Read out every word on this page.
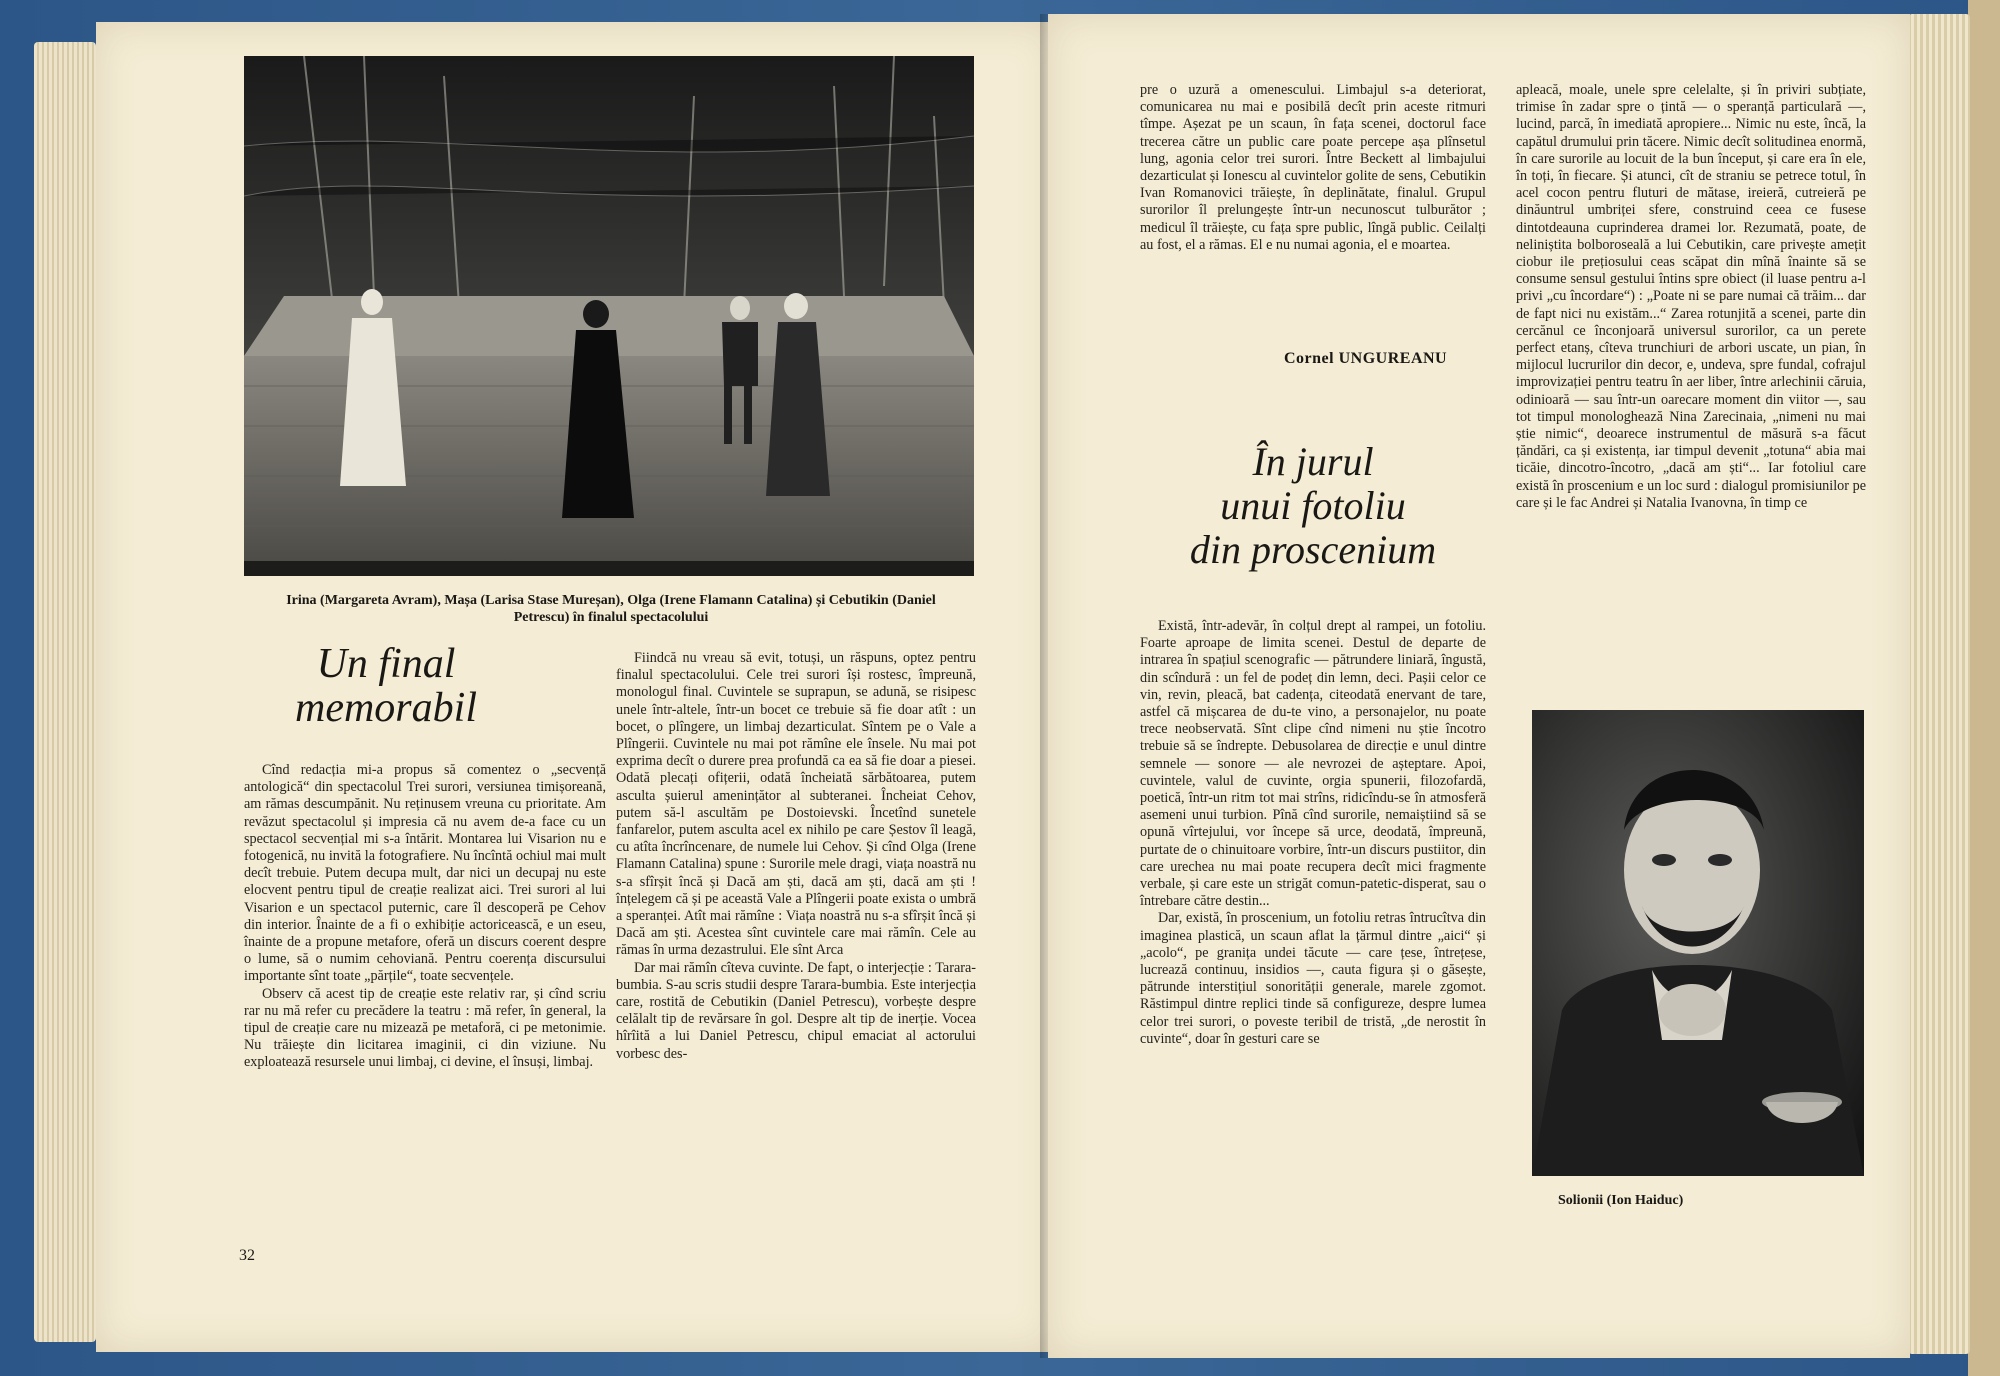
Irina (Margareta Avram), Mașa (Larisa Stase Mureșan), Olga (Irene Flamann Catalina) și Cebutikin (Daniel Petrescu) în finalul spectacolului
Un final
memorabil

Cînd redacția mi-a propus să comentez o „secvență antologică“ din spectacolul Trei surori, versiunea timișoreană, am rămas descumpănit. Nu reținusem vreuna cu prioritate. Am revăzut spectacolul și impresia că nu avem de-a face cu un spectacol secvențial mi s-a întărit. Montarea lui Visarion nu e fotogenică, nu invită la fotografiere. Nu încîntă ochiul mai mult decît trebuie. Putem decupa mult, dar nici un decupaj nu este elocvent pentru tipul de creație realizat aici. Trei surori al lui Visarion e un spectacol puternic, care îl descoperă pe Cehov din interior. Înainte de a fi o exhibiție actoricească, e un eseu, înainte de a propune metafore, oferă un discurs coerent despre o lume, să o numim cehoviană. Pentru coerența discursului importante sînt toate „părțile“, toate secvențele.

Observ că acest tip de creație este relativ rar, și cînd scriu rar nu mă refer cu precădere la teatru : mă refer, în general, la tipul de creație care nu mizează pe metaforă, ci pe metonimie. Nu trăiește din licitarea imaginii, ci din viziune. Nu exploatează resursele unui limbaj, ci devine, el însuși, limbaj.

Fiindcă nu vreau să evit, totuși, un răspuns, optez pentru finalul spectacolului. Cele trei surori își rostesc, împreună, monologul final. Cuvintele se suprapun, se adună, se risipesc unele într-altele, într-un bocet ce trebuie să fie doar atît : un bocet, o plîngere, un limbaj dezarticulat. Sîntem pe o Vale a Plîngerii. Cuvintele nu mai pot rămîne ele însele. Nu mai pot exprima decît o durere prea profundă ca ea să fie doar a piesei. Odată plecați ofițerii, odată încheiată sărbătoarea, putem asculta șuierul amenințător al subteranei. Încheiat Cehov, putem să-l ascultăm pe Dostoievski. Încetînd sunetele fanfarelor, putem asculta acel ex nihilo pe care Șestov îl leagă, cu atîta încrîncenare, de numele lui Cehov. Și cînd Olga (Irene Flamann Catalina) spune : Surorile mele dragi, viața noastră nu s-a sfîrșit încă și Dacă am ști, dacă am ști, dacă am ști ! înțelegem că și pe această Vale a Plîngerii poate exista o umbră a speranței. Atît mai rămîne : Viața noastră nu s-a sfîrșit încă și Dacă am ști. Acestea sînt cuvintele care mai rămîn. Cele au rămas în urma dezastrului. Ele sînt Arca

Dar mai rămîn cîteva cuvinte. De fapt, o interjecție : Tarara-bumbia. S-au scris studii despre Tarara-bumbia. Este interjecția care, rostită de Cebutikin (Daniel Petrescu), vorbește despre celălalt tip de revărsare în gol. Despre alt tip de inerție. Vocea hîrîită a lui Daniel Petrescu, chipul emaciat al actorului vorbesc des-

32

pre o uzură a omenescului. Limbajul s-a deteriorat, comunicarea nu mai e posibilă decît prin aceste ritmuri tîmpe. Așezat pe un scaun, în fața scenei, doctorul face trecerea către un public care poate percepe așa plînsetul lung, agonia celor trei surori. Între Beckett al limbajului dezarticulat și Ionescu al cuvintelor golite de sens, Cebutikin Ivan Romanovici trăiește, în deplinătate, finalul. Grupul surorilor îl prelungește într-un necunoscut tulburător ; medicul îl trăiește, cu fața spre public, lîngă public. Ceilalți au fost, el a rămas. El e nu numai agonia, el e moartea.

Cornel UNGUREANU
În jurul
unui fotoliu
din proscenium

Există, într-adevăr, în colțul drept al rampei, un fotoliu. Foarte aproape de limita scenei. Destul de departe de intrarea în spațiul scenografic — pătrundere liniară, îngustă, din scîndură : un fel de podeț din lemn, deci. Pașii celor ce vin, revin, pleacă, bat cadența, citeodată enervant de tare, astfel că mișcarea de du-te vino, a personajelor, nu poate trece neobservată. Sînt clipe cînd nimeni nu știe încotro trebuie să se îndrepte. Debusolarea de direcție e unul dintre semnele — sonore — ale nevrozei de așteptare. Apoi, cuvintele, valul de cuvinte, orgia spunerii, filozofardă, poetică, într-un ritm tot mai strîns, ridicîndu-se în atmosferă asemeni unui turbion. Pînă cînd surorile, nemaiștiind să se opună vîrtejului, vor începe să urce, deodată, împreună, purtate de o chinuitoare vorbire, într-un discurs pustiitor, din care urechea nu mai poate recupera decît mici fragmente verbale, și care este un strigăt comun-patetic-disperat, sau o întrebare către destin...

Dar, există, în proscenium, un fotoliu retras întrucîtva din imaginea plastică, un scaun aflat la țărmul dintre „aici“ și „acolo“, pe granița undei tăcute — care țese, întrețese, lucrează continuu, insidios —, cauta figura și o găsește, pătrunde interstițiul sonorității generale, marele zgomot. Răstimpul dintre replici tinde să configureze, despre lumea celor trei surori, o poveste teribil de tristă, „de nerostit în cuvinte“, doar în gesturi care se

apleacă, moale, unele spre celelalte, și în priviri subțiate, trimise în zadar spre o țintă — o speranță particulară —, lucind, parcă, în imediată apropiere... Nimic nu este, încă, la capătul drumului prin tăcere. Nimic decît solitudinea enormă, în care surorile au locuit de la bun început, și care era în ele, în toți, în fiecare. Și atunci, cît de straniu se petrece totul, în acel cocon pentru fluturi de mătase, ireieră, cutreieră pe dinăuntrul umbriței sfere, construind ceea ce fusese dintotdeauna cuprinderea dramei lor. Rezumată, poate, de neliniștita bolboroseală a lui Cebutikin, care privește amețit ciobur ile prețiosului ceas scăpat din mînă înainte să se consume sensul gestului întins spre obiect (il luase pentru a-l privi „cu încordare“) : „Poate ni se pare numai că trăim... dar de fapt nici nu existăm...“ Zarea rotunjită a scenei, parte din cercănul ce înconjoară universul surorilor, ca un perete perfect etanș, cîteva trunchiuri de arbori uscate, un pian, în mijlocul lucrurilor din decor, e, undeva, spre fundal, cofrajul improvizației pentru teatru în aer liber, între arlechinii căruia, odinioară — sau într-un oarecare moment din viitor —, sau tot timpul monologhează Nina Zarecinaia, „nimeni nu mai știe nimic“, deoarece instrumentul de măsură s-a făcut țăndări, ca și existența, iar timpul devenit „totuna“ abia mai ticăie, dincotro-încotro, „dacă am ști“... Iar fotoliul care există în proscenium e un loc surd : dialogul promisiunilor pe care și le fac Andrei și Natalia Ivanovna, în timp ce

Solionii (Ion Haiduc)
